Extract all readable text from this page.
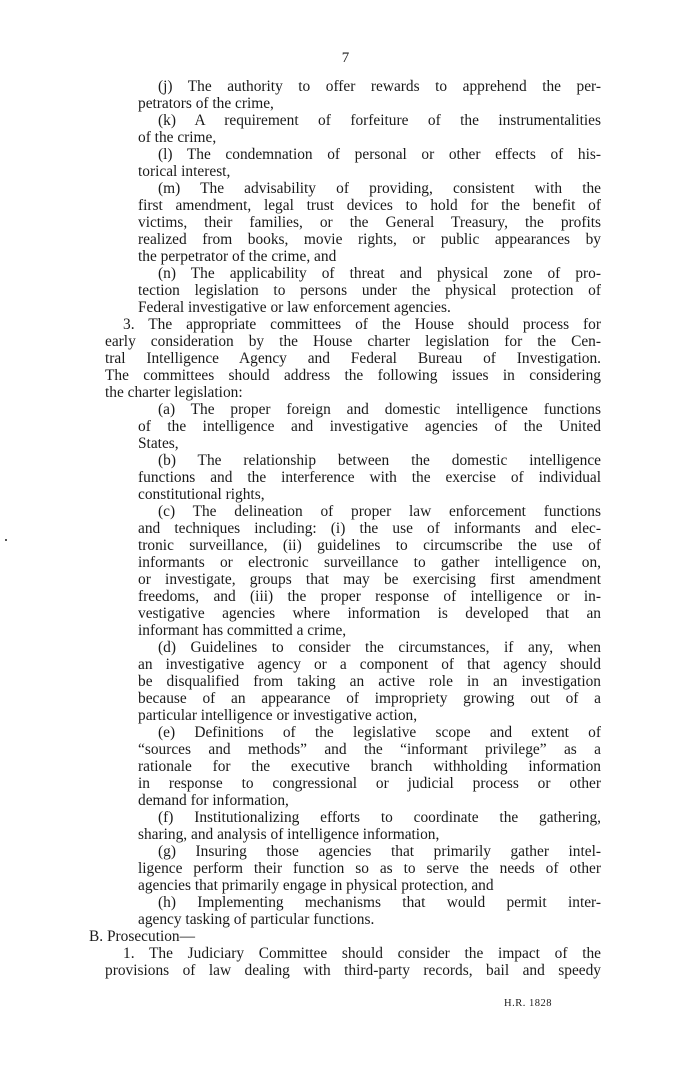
7
(j) The authority to offer rewards to apprehend the per-
petrators of the crime,
(k) A requirement of forfeiture of the instrumentalities
of the crime,
(l) The condemnation of personal or other effects of his-
torical interest,
(m) The advisability of providing, consistent with the
first amendment, legal trust devices to hold for the benefit of
victims, their families, or the General Treasury, the profits
realized from books, movie rights, or public appearances by
the perpetrator of the crime, and
(n) The applicability of threat and physical zone of pro-
tection legislation to persons under the physical protection of
Federal investigative or law enforcement agencies.
3. The appropriate committees of the House should process for
early consideration by the House charter legislation for the Cen-
tral Intelligence Agency and Federal Bureau of Investigation.
The committees should address the following issues in considering
the charter legislation:
(a) The proper foreign and domestic intelligence functions
of the intelligence and investigative agencies of the United
States,
(b) The relationship between the domestic intelligence
functions and the interference with the exercise of individual
constitutional rights,
(c) The delineation of proper law enforcement functions
and techniques including: (i) the use of informants and elec-
tronic surveillance, (ii) guidelines to circumscribe the use of
informants or electronic surveillance to gather intelligence on,
or investigate, groups that may be exercising first amendment
freedoms, and (iii) the proper response of intelligence or in-
vestigative agencies where information is developed that an
informant has committed a crime,
(d) Guidelines to consider the circumstances, if any, when
an investigative agency or a component of that agency should
be disqualified from taking an active role in an investigation
because of an appearance of impropriety growing out of a
particular intelligence or investigative action,
(e) Definitions of the legislative scope and extent of
“sources and methods” and the “informant privilege” as a
rationale for the executive branch withholding information
in response to congressional or judicial process or other
demand for information,
(f) Institutionalizing efforts to coordinate the gathering,
sharing, and analysis of intelligence information,
(g) Insuring those agencies that primarily gather intel-
ligence perform their function so as to serve the needs of other
agencies that primarily engage in physical protection, and
(h) Implementing mechanisms that would permit inter-
agency tasking of particular functions.
B. Prosecution—
1. The Judiciary Committee should consider the impact of the
provisions of law dealing with third-party records, bail and speedy
H.R. 1828
